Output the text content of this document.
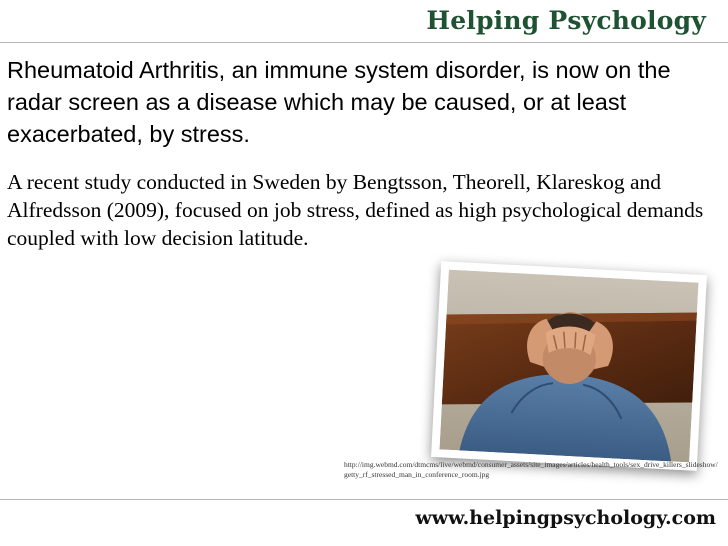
Helping Psychology

Rheumatoid Arthritis, an immune system disorder, is now on the radar screen as a disease which may be caused, or at least exacerbated, by stress.

A recent study conducted in Sweden by Bengtsson, Theorell, Klareskog and Alfredsson (2009), focused on job stress, defined as high psychological demands coupled with low decision latitude.

http://img.webmd.com/dtmcms/live/webmd/consumer_assets/site_images/articles/health_tools/sex_drive_killers_slideshow/getty_rf_stressed_man_in_conference_room.jpg
www.helpingpsychology.com
